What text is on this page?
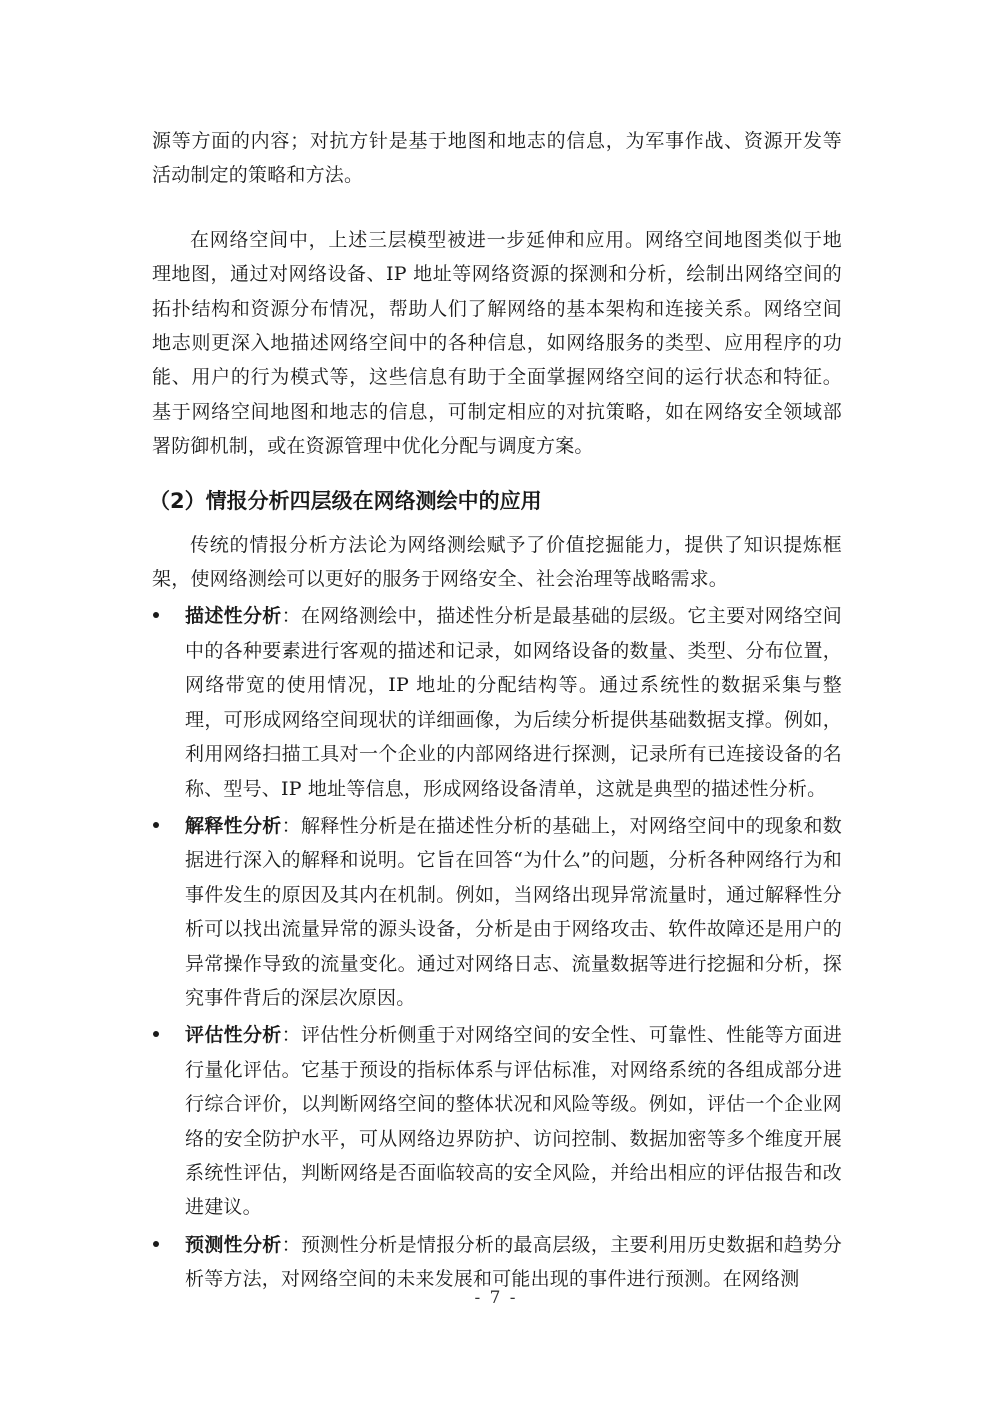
源等方面的内容；对抗方针是基于地图和地志的信息，为军事作战、资源开发等活动制定的策略和方法。

在网络空间中，上述三层模型被进一步延伸和应用。网络空间地图类似于地理地图，通过对网络设备、IP 地址等网络资源的探测和分析，绘制出网络空间的拓扑结构和资源分布情况，帮助人们了解网络的基本架构和连接关系。网络空间地志则更深入地描述网络空间中的各种信息，如网络服务的类型、应用程序的功能、用户的行为模式等，这些信息有助于全面掌握网络空间的运行状态和特征。基于网络空间地图和地志的信息，可制定相应的对抗策略，如在网络安全领域部署防御机制，或在资源管理中优化分配与调度方案。

（2）情报分析四层级在网络测绘中的应用

传统的情报分析方法论为网络测绘赋予了价值挖掘能力，提供了知识提炼框架，使网络测绘可以更好的服务于网络安全、社会治理等战略需求。

描述性分析：在网络测绘中，描述性分析是最基础的层级。它主要对网络空间中的各种要素进行客观的描述和记录，如网络设备的数量、类型、分布位置，网络带宽的使用情况，IP 地址的分配结构等。通过系统性的数据采集与整理，可形成网络空间现状的详细画像，为后续分析提供基础数据支撑。例如，利用网络扫描工具对一个企业的内部网络进行探测，记录所有已连接设备的名称、型号、IP 地址等信息，形成网络设备清单，这就是典型的描述性分析。
解释性分析：解释性分析是在描述性分析的基础上，对网络空间中的现象和数据进行深入的解释和说明。它旨在回答“为什么”的问题，分析各种网络行为和事件发生的原因及其内在机制。例如，当网络出现异常流量时，通过解释性分析可以找出流量异常的源头设备，分析是由于网络攻击、软件故障还是用户的异常操作导致的流量变化。通过对网络日志、流量数据等进行挖掘和分析，探究事件背后的深层次原因。
评估性分析：评估性分析侧重于对网络空间的安全性、可靠性、性能等方面进行量化评估。它基于预设的指标体系与评估标准，对网络系统的各组成部分进行综合评价，以判断网络空间的整体状况和风险等级。例如，评估一个企业网络的安全防护水平，可从网络边界防护、访问控制、数据加密等多个维度开展系统性评估，判断网络是否面临较高的安全风险，并给出相应的评估报告和改进建议。
预测性分析：预测性分析是情报分析的最高层级，主要利用历史数据和趋势分析等方法，对网络空间的未来发展和可能出现的事件进行预测。在网络测
- 7 -
